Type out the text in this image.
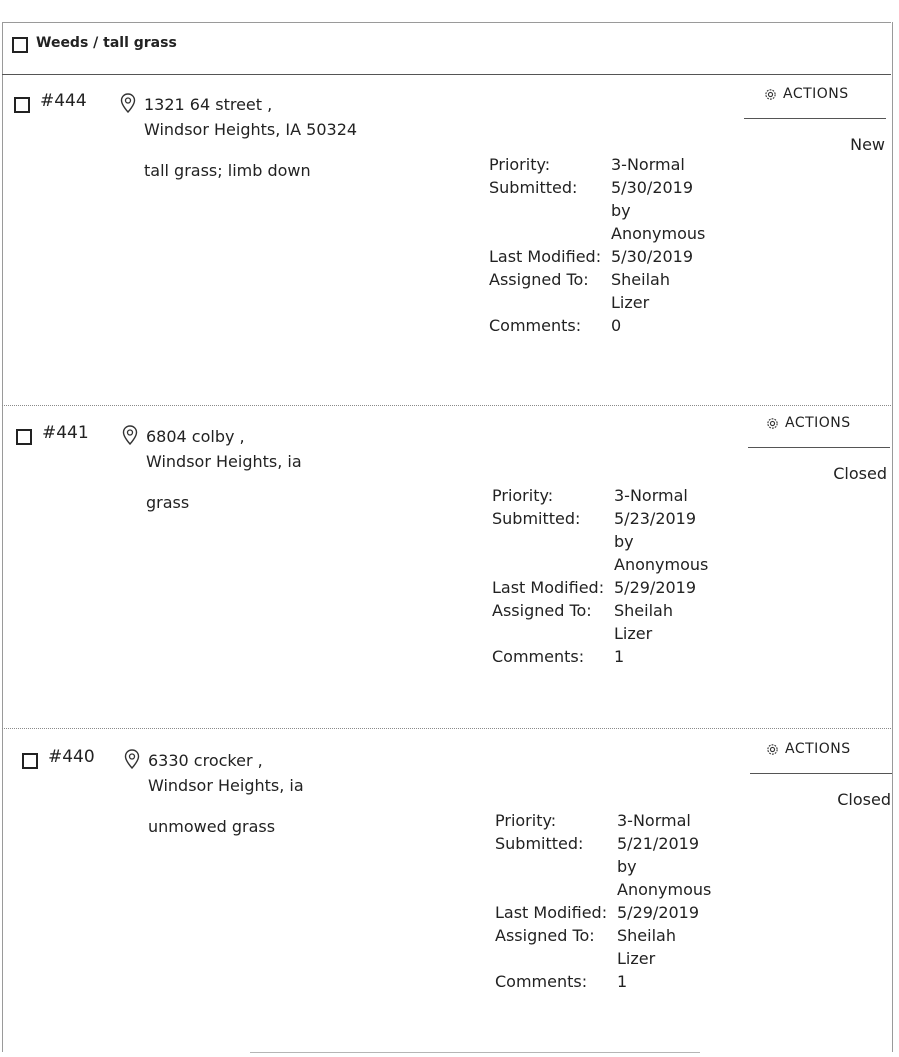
Weeds / tall grass
#444	1321 64 street ,
Windsor Heights, IA 50324
tall grass; limb down
ACTIONS
New
Priority:	3-Normal
Submitted:	5/30/2019
by
Anonymous
Last Modified: 5/30/2019
Assigned To:	Sheilah
Lizer
Comments:	0
#441	6804 colby ,
Windsor Heights, ia
grass
ACTIONS
Closed
Priority:	3-Normal
Submitted:	5/23/2019
by
Anonymous
Last Modified: 5/29/2019
Assigned To:	Sheilah
Lizer
Comments:	1
#440	6330 crocker ,
Windsor Heights, ia
unmowed grass
ACTIONS
Closed
Priority:	3-Normal
Submitted:	5/21/2019
by
Anonymous
Last Modified: 5/29/2019
Assigned To:	Sheilah
Lizer
Comments:	1
